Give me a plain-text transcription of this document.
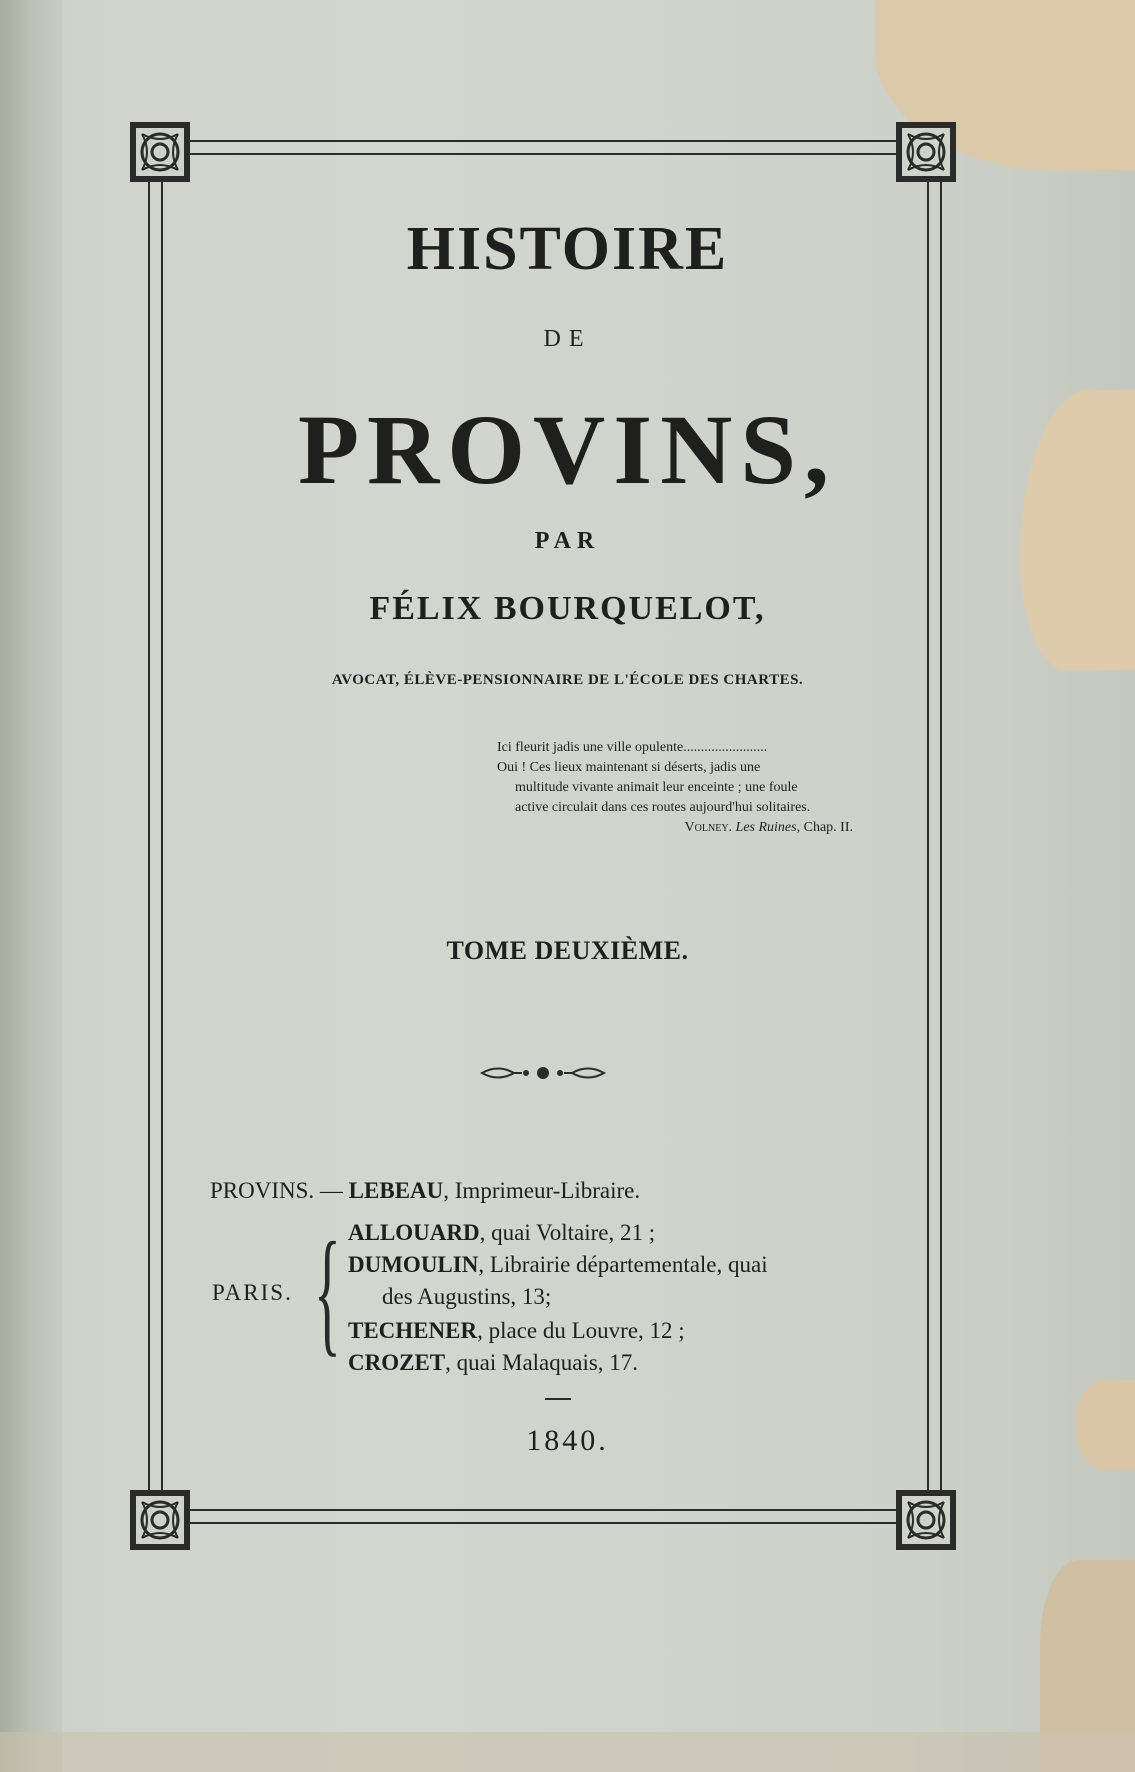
HISTOIRE
DE
PROVINS,
PAR
FÉLIX BOURQUELOT,
AVOCAT, ÉLÈVE-PENSIONNAIRE DE L'ÉCOLE DES CHARTES.
Ici fleurit jadis une ville opulente........................
Oui ! Ces lieux maintenant si déserts, jadis une
multitude vivante animait leur enceinte ; une foule
active circulait dans ces routes aujourd'hui solitaires.
Volney. Les Ruines, Chap. II.
TOME DEUXIÈME.
PROVINS. — LEBEAU, Imprimeur-Libraire.
PARIS. { ALLOUARD, quai Voltaire, 21 ;
DUMOULIN, Librairie départementale, quai
des Augustins, 13;
TECHENER, place du Louvre, 12 ;
CROZET, quai Malaquais, 17.
1840.
